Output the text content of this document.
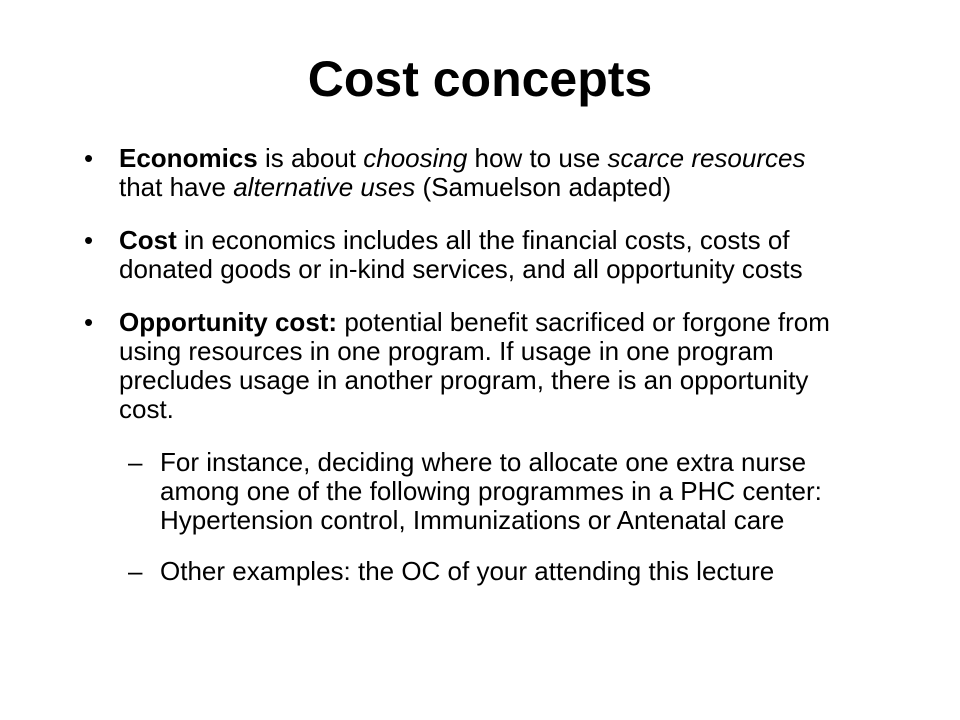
Cost concepts

• Economics is about choosing how to use scarce resources that have alternative uses (Samuelson adapted)

• Cost in economics includes all the financial costs, costs of donated goods or in-kind services, and all opportunity costs

• Opportunity cost: potential benefit sacrificed or forgone from using resources in one program. If usage in one program precludes usage in another program, there is an opportunity cost.

– For instance, deciding where to allocate one extra nurse among one of the following programmes in a PHC center: Hypertension control, Immunizations or Antenatal care

– Other examples: the OC of your attending this lecture
